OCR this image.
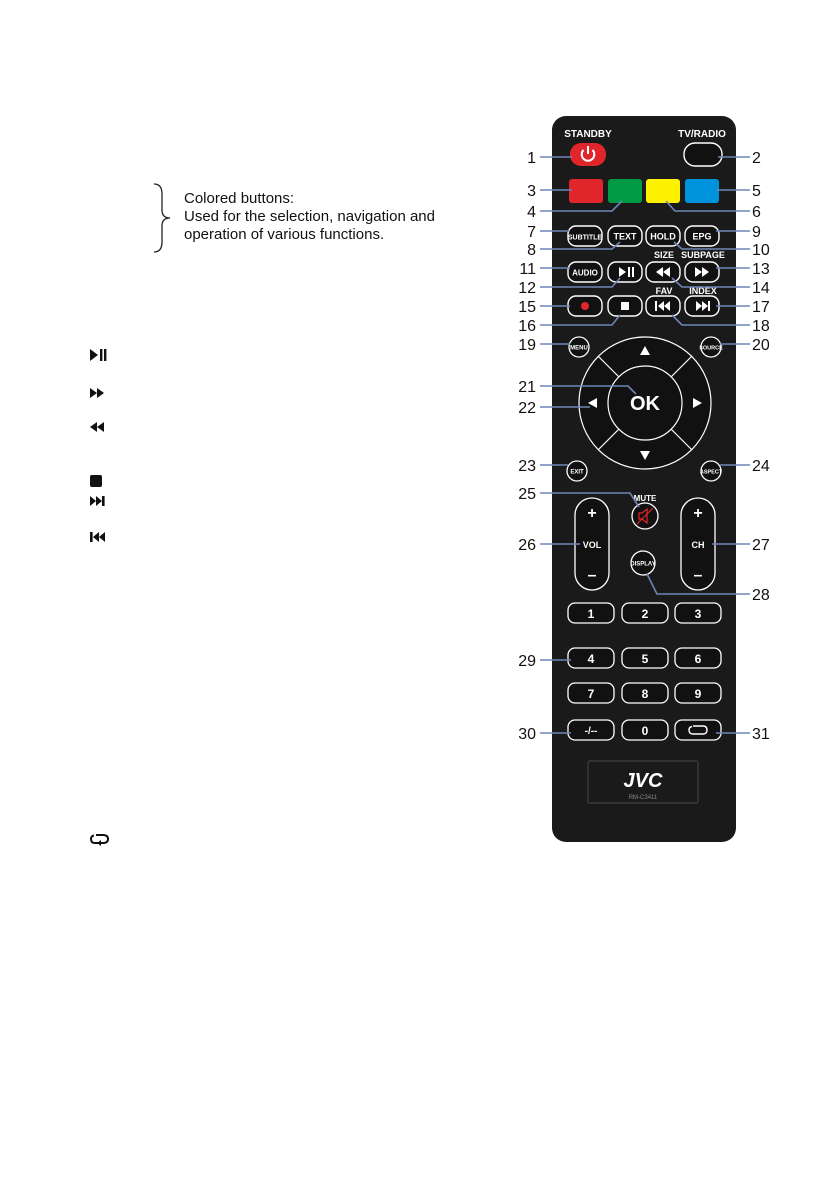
Colored buttons:
Used for the selection, navigation and
operation of various functions.
STANDBY	TV/RADIO
SUBTITLE TEXT HOLD EPG
SIZE SUBPAGE
AUDIO
FAV INDEX
MENU	SOURCE
OK
EXIT	ASPECT
MUTE
+
VOL
–
+
CH
–
DISPLAY
1	2	3
4	5	6
7	8	9
-/--	0
JVC
RM-C3411
1	2
3
4
5
6
7
8
9
10
11
12
13
14
15
16
17
18
19	20
21
22
23	24
25
26	27
28
29
30	31
